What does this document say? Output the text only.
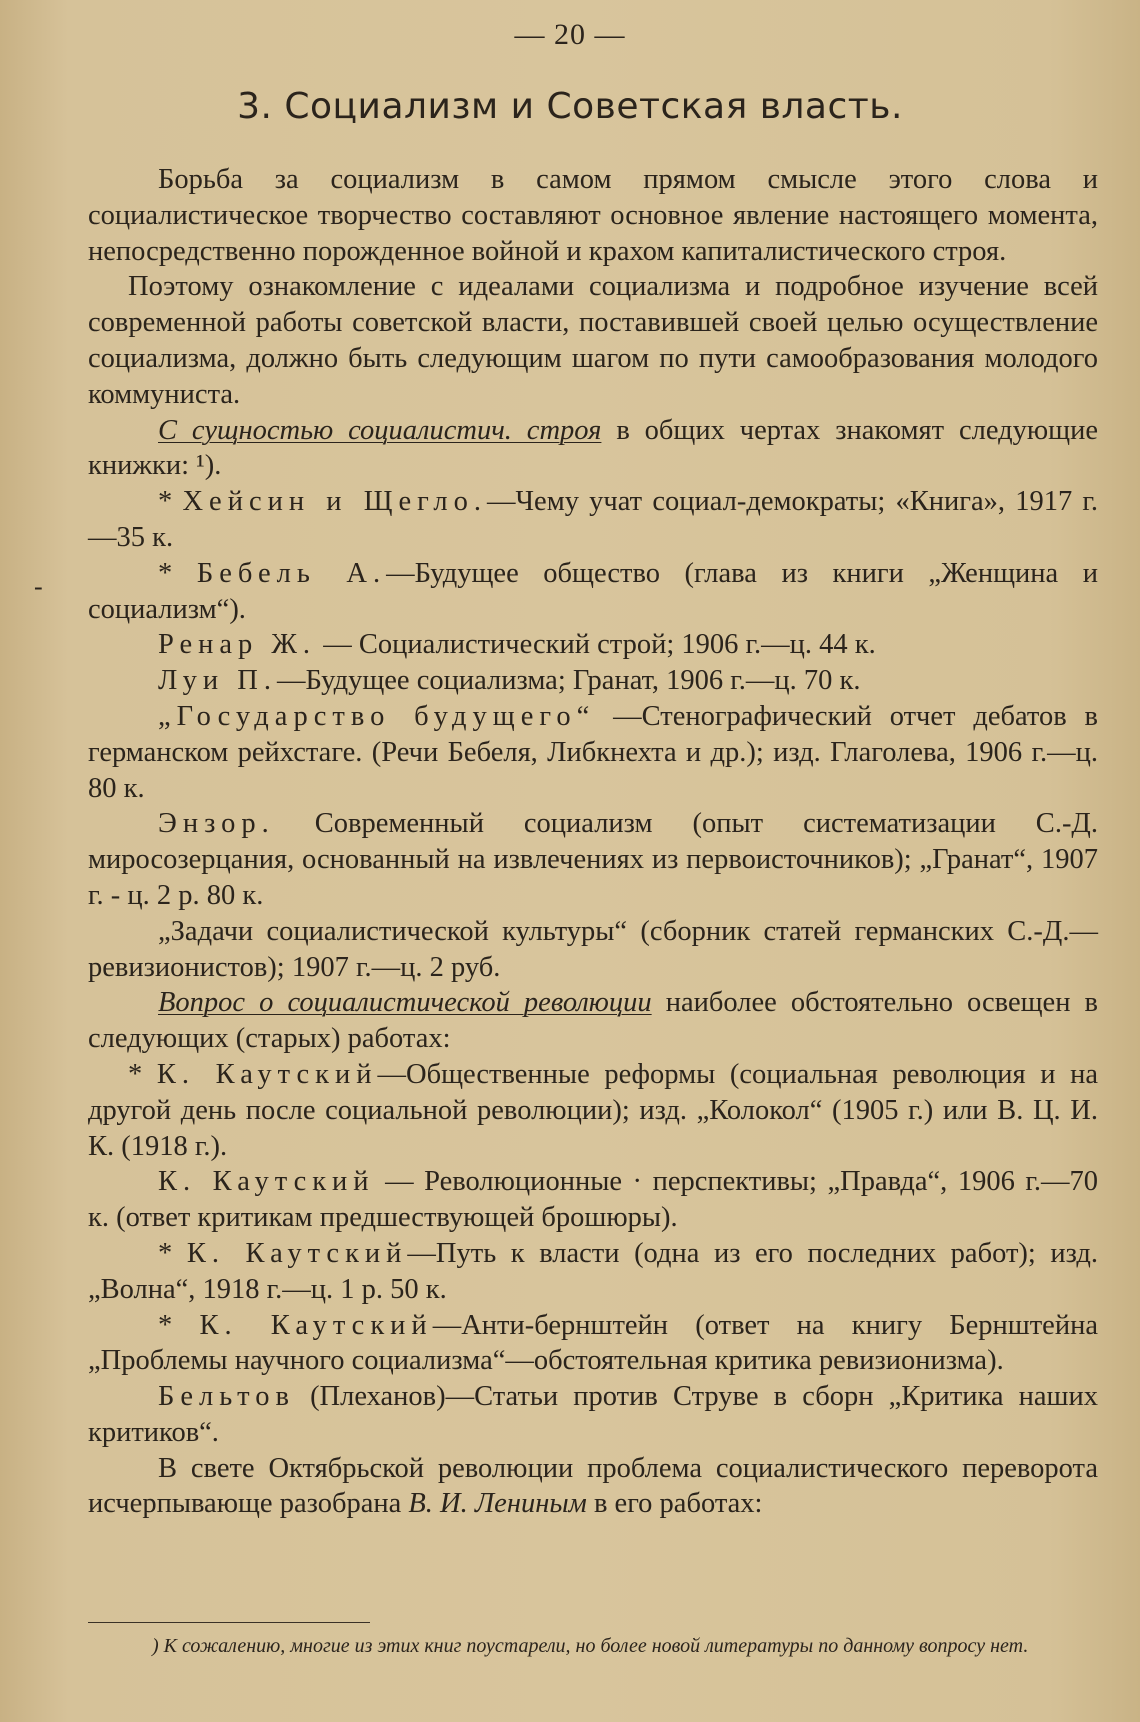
— 20 —
3. Социализм и Советская власть.
-

Борьба за социализм в самом прямом смысле этого слова и социалистическое творчество составляют основное явление настоящего момента, непосредственно порожденное войной и крахом капиталистического строя.

Поэтому ознакомление с идеалами социализма и подробное изучение всей современной работы советской власти, поставившей своей целью осуществление социализма, должно быть следующим шагом по пути самообразования молодого коммуниста.

С сущностью социалистич. строя в общих чертах знакомят следующие книжки: ¹).

* Хейсин и Щегло.—Чему учат социал-демократы; «Книга», 1917 г.—35 к.

* Бебель А.—Будущее общество (глава из книги „Женщина и социализм“).

Ренар Ж. — Социалистический строй; 1906 г.—ц. 44 к.

Луи П.—Будущее социализма; Гранат, 1906 г.—ц. 70 к.

„Государство будущего“ —Стенографический отчет дебатов в германском рейхстаге. (Речи Бебеля, Либкнехта и др.); изд. Глаголева, 1906 г.—ц. 80 к.

Энзор. Современный социализм (опыт систематизации С.-Д. миросозерцания, основанный на извлечениях из первоисточников); „Гранат“, 1907 г. - ц. 2 р. 80 к.

„Задачи социалистической культуры“ (сборник статей германских С.-Д.—ревизионистов); 1907 г.—ц. 2 руб.

Вопрос о социалистической революции наиболее обстоятельно освещен в следующих (старых) работах:

* К. Каутский—Общественные реформы (социальная революция и на другой день после социальной революции); изд. „Колокол“ (1905 г.) или В. Ц. И. К. (1918 г.).

К. Каутский — Революционные · перспективы; „Правда“, 1906 г.—70 к. (ответ критикам предшествующей брошюры).

* К. Каутский—Путь к власти (одна из его последних работ); изд. „Волна“, 1918 г.—ц. 1 р. 50 к.

* К. Каутский—Анти-бернштейн (ответ на книгу Бернштейна „Проблемы научного социализма“—обстоятельная критика ревизионизма).

Бельтов (Плеханов)—Статьи против Струве в сборн „Критика наших критиков“.

В свете Октябрьской революции проблема социалистического переворота исчерпывающе разобрана В. И. Лениным в его работах:

) К сожалению, многие из этих книг поустарели, но более новой литературы по данному вопросу нет.
